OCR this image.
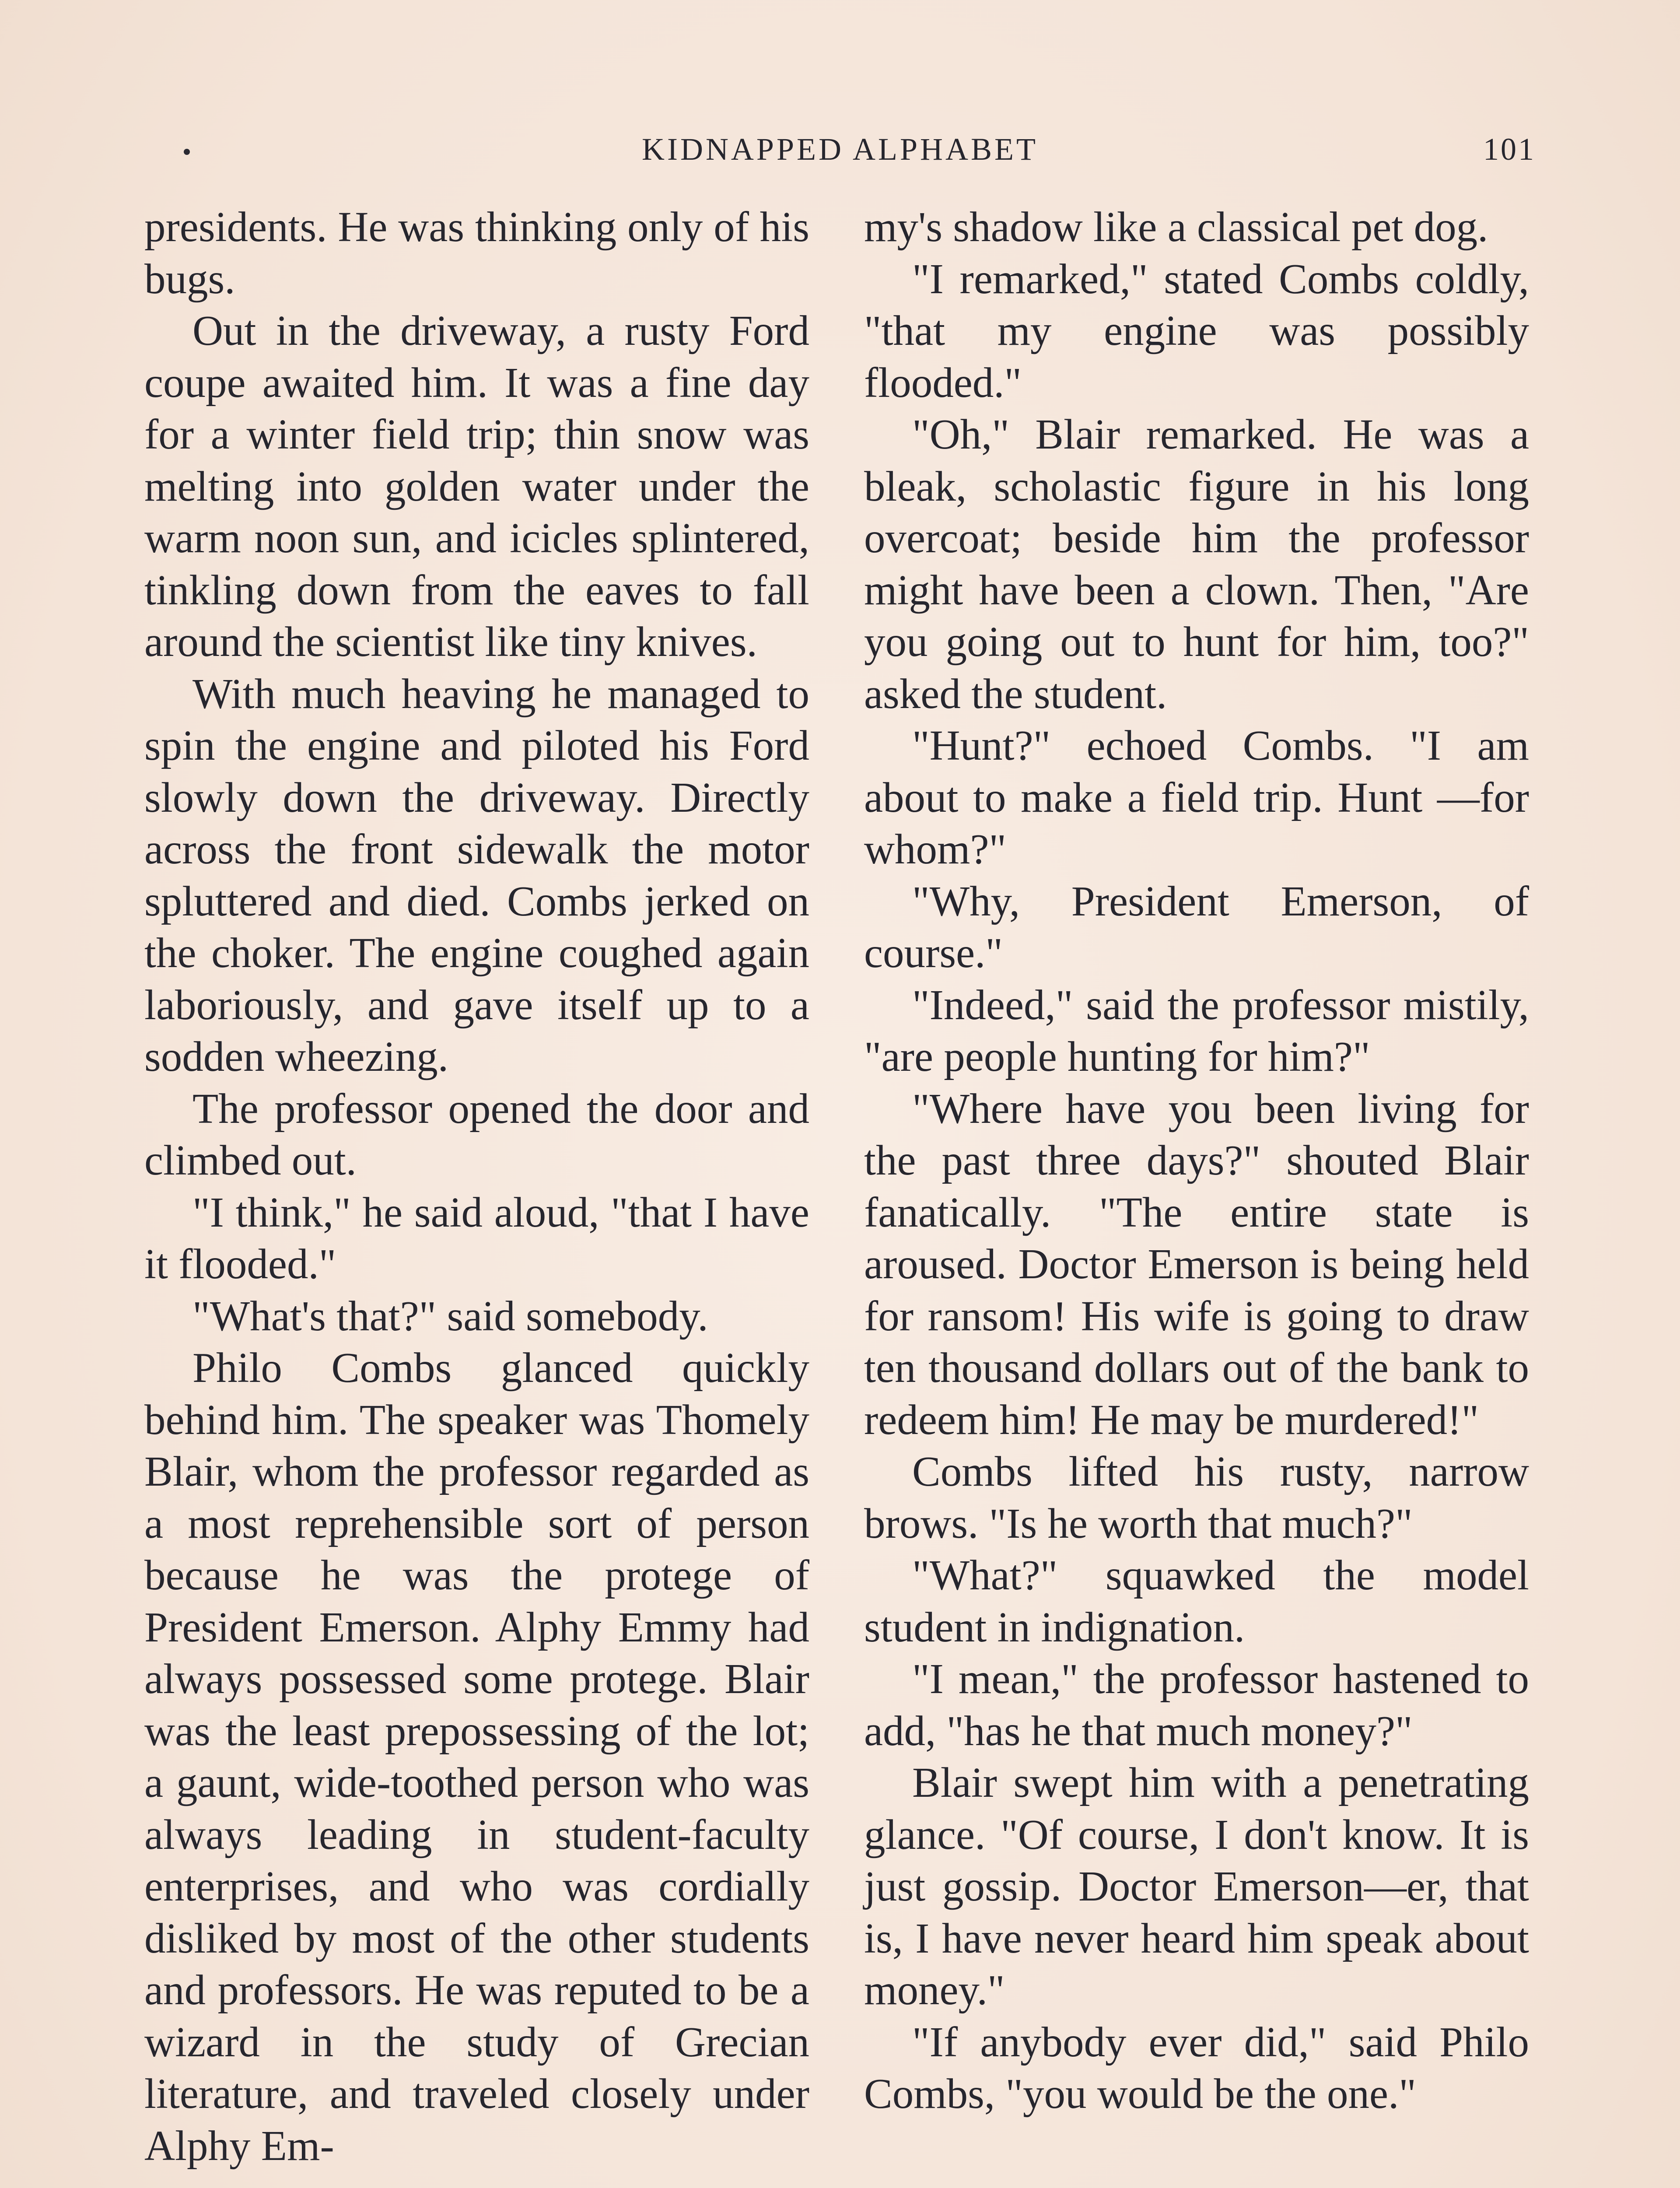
KIDNAPPED ALPHABET	101

presidents. He was thinking only of his bugs.

Out in the driveway, a rusty Ford coupe awaited him. It was a fine day for a winter field trip; thin snow was melting into golden water under the warm noon sun, and icicles splintered, tinkling down from the eaves to fall around the scientist like tiny knives.

With much heaving he managed to spin the engine and piloted his Ford slowly down the driveway. Directly across the front sidewalk the motor spluttered and died. Combs jerked on the choker. The engine coughed again laboriously, and gave itself up to a sodden wheezing.

The professor opened the door and climbed out.

"I think," he said aloud, "that I have it flooded."

"What's that?" said somebody.

Philo Combs glanced quickly behind him. The speaker was Thomely Blair, whom the professor regarded as a most reprehensible sort of person because he was the protege of President Emerson. Alphy Emmy had always possessed some protege. Blair was the least prepossessing of the lot; a gaunt, wide-toothed person who was always leading in student-faculty enterprises, and who was cordially disliked by most of the other students and professors. He was reputed to be a wizard in the study of Grecian literature, and traveled closely under Alphy Em-

my's shadow like a classical pet dog.

"I remarked," stated Combs coldly, "that my engine was possibly flooded."

"Oh," Blair remarked. He was a bleak, scholastic figure in his long overcoat; beside him the professor might have been a clown. Then, "Are you going out to hunt for him, too?" asked the student.

"Hunt?" echoed Combs. "I am about to make a field trip. Hunt —for whom?"

"Why, President Emerson, of course."

"Indeed," said the professor mistily, "are people hunting for him?"

"Where have you been living for the past three days?" shouted Blair fanatically. "The entire state is aroused. Doctor Emerson is being held for ransom! His wife is going to draw ten thousand dollars out of the bank to redeem him! He may be murdered!"

Combs lifted his rusty, narrow brows. "Is he worth that much?"

"What?" squawked the model student in indignation.

"I mean," the professor hastened to add, "has he that much money?"

Blair swept him with a penetrating glance. "Of course, I don't know. It is just gossip. Doctor Emerson—er, that is, I have never heard him speak about money."

"If anybody ever did," said Philo Combs, "you would be the one."
